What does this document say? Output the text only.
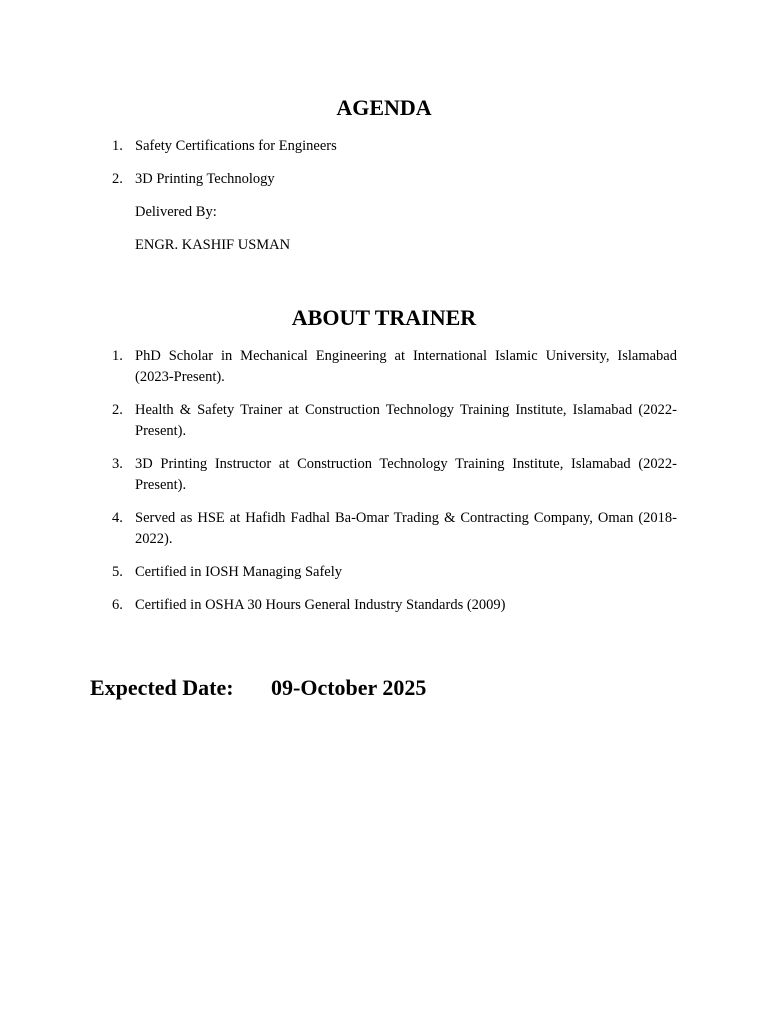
AGENDA
1. Safety Certifications for Engineers
2. 3D Printing Technology

Delivered By:

ENGR. KASHIF USMAN

ABOUT TRAINER
1. PhD Scholar in Mechanical Engineering at International Islamic University, Islamabad (2023-Present).
2. Health & Safety Trainer at Construction Technology Training Institute, Islamabad (2022-Present).
3. 3D Printing Instructor at Construction Technology Training Institute, Islamabad (2022-Present).
4. Served as HSE at Hafidh Fadhal Ba-Omar Trading & Contracting Company, Oman (2018-2022).
5. Certified in IOSH Managing Safely
6. Certified in OSHA 30 Hours General Industry Standards (2009)

Expected Date: 09-October 2025
